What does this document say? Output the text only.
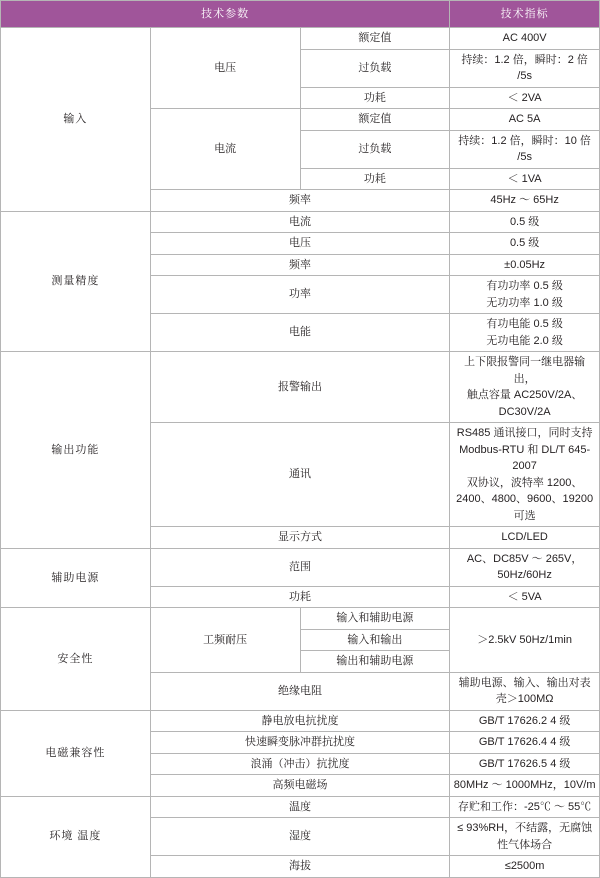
技术参数			技术指标
输入	电压	额定值	AC 400V
		过负载	持续：1.2 倍，瞬时：2 倍 /5s
		功耗	＜ 2VA
	电流	额定值	AC 5A
		过负载	持续：1.2 倍，瞬时：10 倍 /5s
		功耗	＜ 1VA
	频率		45Hz ～ 65Hz
测量精度	电流		0.5 级
	电压		0.5 级
	频率		±0.05Hz
	功率		有功功率 0.5 级
无功功率 1.0 级

	电能		有功电能 0.5 级
无功电能 2.0 级

输出功能	报警输出		上下限报警同一继电器输出，
触点容量 AC250V/2A、DC30V/2A

	通讯		RS485 通讯接口，同时支持 Modbus-RTU 和 DL/T 645-2007
双协议，波特率 1200、2400、4800、9600、19200 可选

	显示方式		LCD/LED
辅助电源	范围		AC、DC85V ～ 265V，50Hz/60Hz
	功耗		＜ 5VA
安全性	工频耐压	输入和辅助电源	＞2.5kV 50Hz/1min
		输入和输出	
		输出和辅助电源	
	绝缘电阻		辅助电源、输入、输出对表壳＞100MΩ
电磁兼容性	静电放电抗扰度		GB/T 17626.2 4 级
	快速瞬变脉冲群抗扰度		GB/T 17626.4 4 级
	浪涌（冲击）抗扰度		GB/T 17626.5 4 级
	高频电磁场		80MHz ～ 1000MHz，10V/m
环境 温度	温度		存贮和工作：-25℃ ～ 55℃
	湿度		≤ 93%RH，不结露，无腐蚀性气体场合
	海拔		≤2500m
